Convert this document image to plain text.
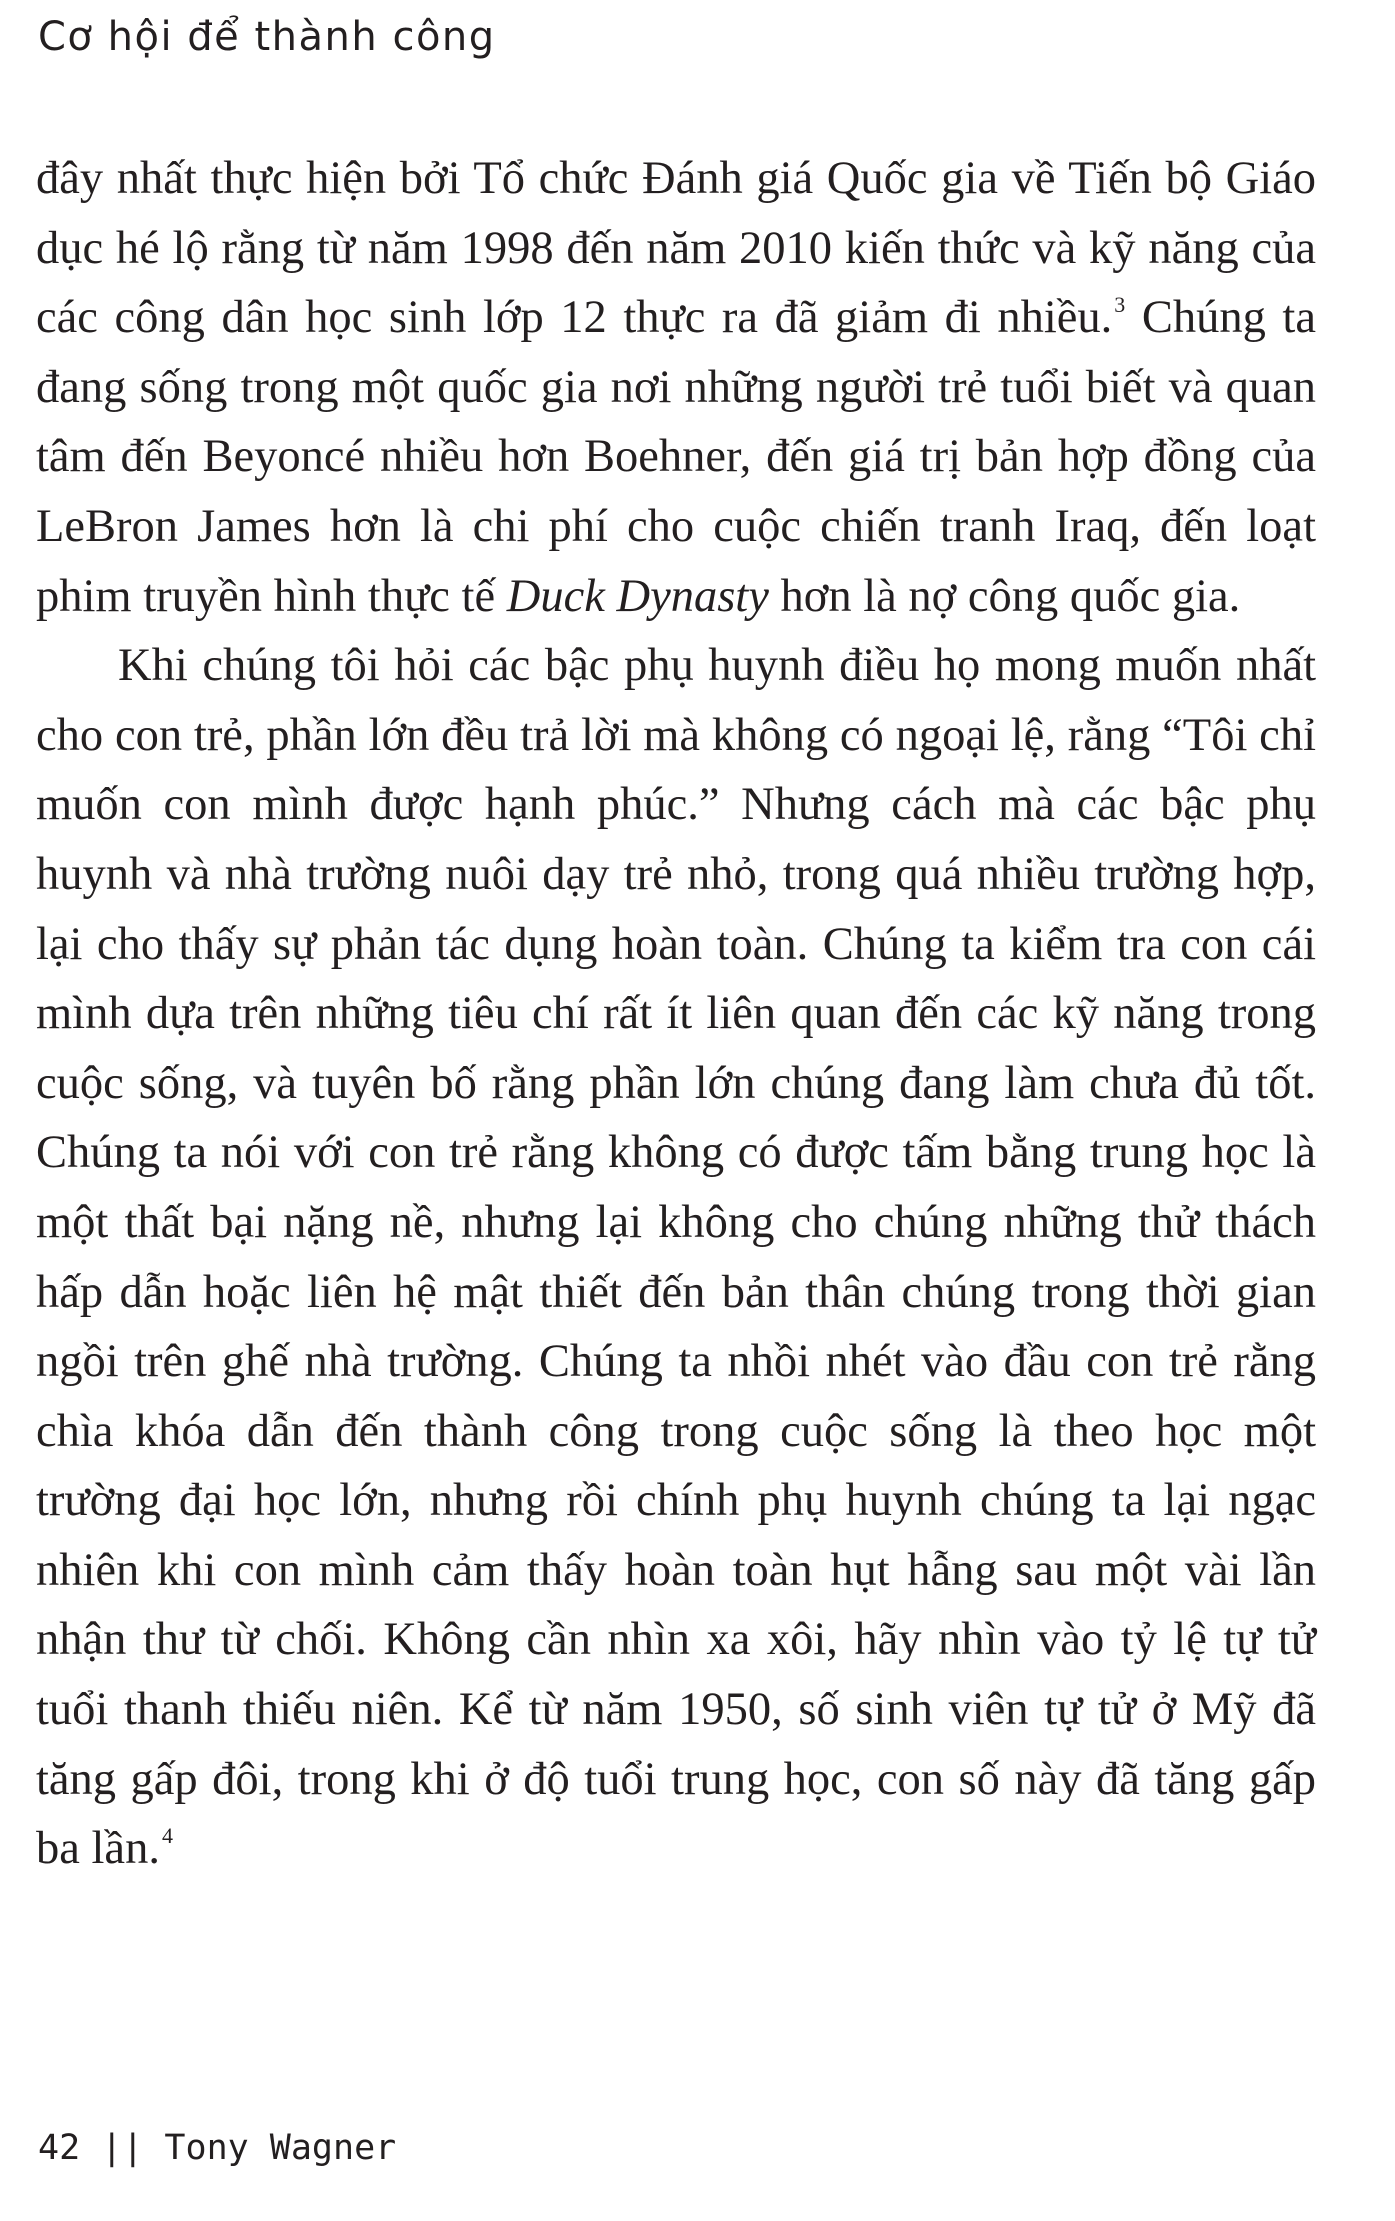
Cơ hội để thành công

đây nhất thực hiện bởi Tổ chức Đánh giá Quốc gia về Tiến bộ Giáo dục hé lộ rằng từ năm 1998 đến năm 2010 kiến thức và kỹ năng của các công dân học sinh lớp 12 thực ra đã giảm đi nhiều.$^3$ Chúng ta đang sống trong một quốc gia nơi những người trẻ tuổi biết và quan tâm đến Beyoncé nhiều hơn Boehner, đến giá trị bản hợp đồng của LeBron James hơn là chi phí cho cuộc chiến tranh Iraq, đến loạt phim truyền hình thực tế Duck Dynasty hơn là nợ công quốc gia.

Khi chúng tôi hỏi các bậc phụ huynh điều họ mong muốn nhất cho con trẻ, phần lớn đều trả lời mà không có ngoại lệ, rằng “Tôi chỉ muốn con mình được hạnh phúc.” Nhưng cách mà các bậc phụ huynh và nhà trường nuôi dạy trẻ nhỏ, trong quá nhiều trường hợp, lại cho thấy sự phản tác dụng hoàn toàn. Chúng ta kiểm tra con cái mình dựa trên những tiêu chí rất ít liên quan đến các kỹ năng trong cuộc sống, và tuyên bố rằng phần lớn chúng đang làm chưa đủ tốt. Chúng ta nói với con trẻ rằng không có được tấm bằng trung học là một thất bại nặng nề, nhưng lại không cho chúng những thử thách hấp dẫn hoặc liên hệ mật thiết đến bản thân chúng trong thời gian ngồi trên ghế nhà trường. Chúng ta nhồi nhét vào đầu con trẻ rằng chìa khóa dẫn đến thành công trong cuộc sống là theo học một trường đại học lớn, nhưng rồi chính phụ huynh chúng ta lại ngạc nhiên khi con mình cảm thấy hoàn toàn hụt hẫng sau một vài lần nhận thư từ chối. Không cần nhìn xa xôi, hãy nhìn vào tỷ lệ tự tử tuổi thanh thiếu niên. Kể từ năm 1950, số sinh viên tự tử ở Mỹ đã tăng gấp đôi, trong khi ở độ tuổi trung học, con số này đã tăng gấp ba lần.$^4$

42 || Tony Wagner
